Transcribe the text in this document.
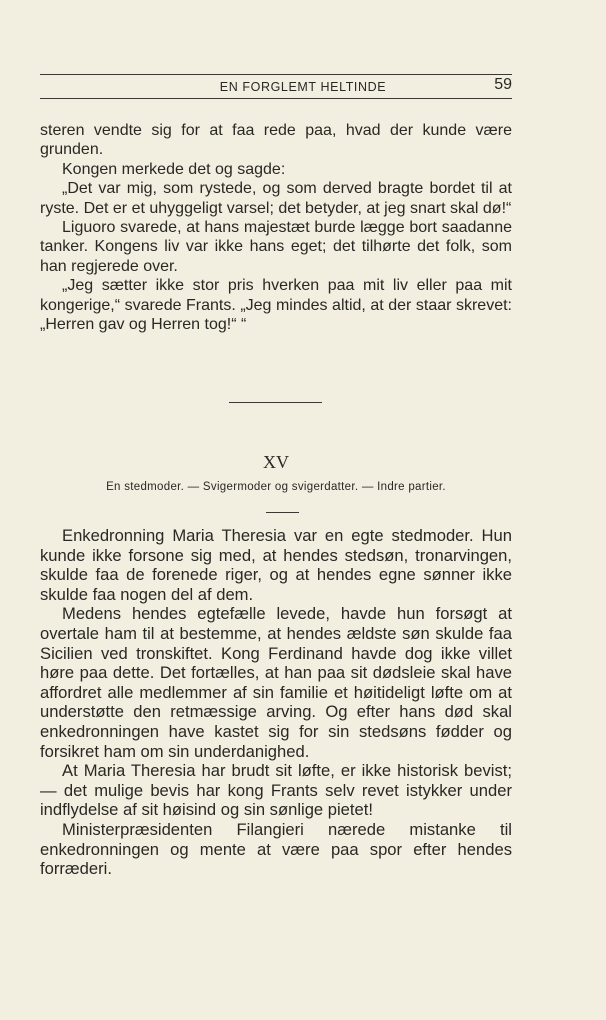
EN FORGLEMT HELTINDE	59

steren vendte sig for at faa rede paa, hvad der kunde være grunden.

Kongen merkede det og sagde:

„Det var mig, som rystede, og som derved bragte bordet til at ryste. Det er et uhyggeligt varsel; det betyder, at jeg snart skal dø!“

Liguoro svarede, at hans majestæt burde lægge bort saadanne tanker. Kongens liv var ikke hans eget; det tilhørte det folk, som han regjerede over.

„Jeg sætter ikke stor pris hverken paa mit liv eller paa mit kongerige,“ svarede Frants. „Jeg mindes altid, at der staar skrevet: „Herren gav og Herren tog!“ “

XV
En stedmoder. — Svigermoder og svigerdatter. — Indre partier.

Enkedronning Maria Theresia var en egte stedmoder. Hun kunde ikke forsone sig med, at hendes stedsøn, tronarvingen, skulde faa de forenede riger, og at hendes egne sønner ikke skulde faa nogen del af dem.

Medens hendes egtefælle levede, havde hun forsøgt at overtale ham til at bestemme, at hendes ældste søn skulde faa Sicilien ved tronskiftet. Kong Ferdinand havde dog ikke villet høre paa dette. Det fortælles, at han paa sit dødsleie skal have affordret alle medlemmer af sin familie et høitideligt løfte om at understøtte den retmæssige arving. Og efter hans død skal enkedronningen have kastet sig for sin stedsøns fødder og forsikret ham om sin underdanighed.

At Maria Theresia har brudt sit løfte, er ikke historisk bevist; — det mulige bevis har kong Frants selv revet istykker under indflydelse af sit høisind og sin sønlige pietet!

Ministerpræsidenten Filangieri nærede mistanke til enkedronningen og mente at være paa spor efter hendes forræderi.
